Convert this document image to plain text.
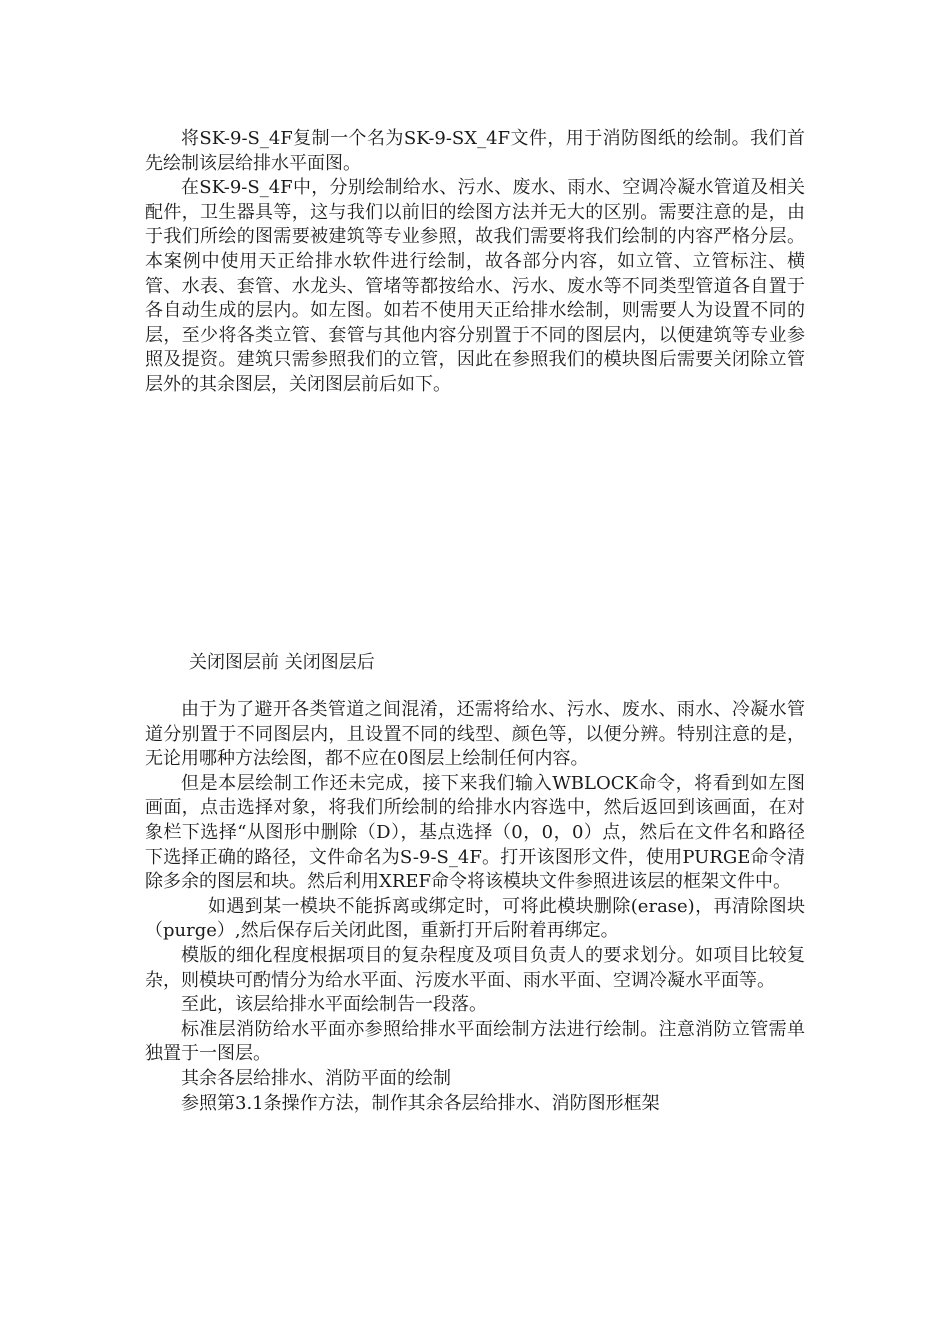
将SK-9-S_4F复制一个名为SK-9-SX_4F文件，用于消防图纸的绘制。我们首先绘制该层给排水平面图。

在SK-9-S_4F中，分别绘制给水、污水、废水、雨水、空调冷凝水管道及相关配件，卫生器具等，这与我们以前旧的绘图方法并无大的区别。需要注意的是，由于我们所绘的图需要被建筑等专业参照，故我们需要将我们绘制的内容严格分层。本案例中使用天正给排水软件进行绘制，故各部分内容，如立管、立管标注、横管、水表、套管、水龙头、管堵等都按给水、污水、废水等不同类型管道各自置于各自动生成的层内。如左图。如若不使用天正给排水绘制，则需要人为设置不同的层，至少将各类立管、套管与其他内容分别置于不同的图层内，以便建筑等专业参照及提资。建筑只需参照我们的立管，因此在参照我们的模块图后需要关闭除立管层外的其余图层，关闭图层前后如下。

关闭图层前 关闭图层后

由于为了避开各类管道之间混淆，还需将给水、污水、废水、雨水、冷凝水管道分别置于不同图层内，且设置不同的线型、颜色等，以便分辨。特别注意的是，无论用哪种方法绘图，都不应在0图层上绘制任何内容。

但是本层绘制工作还未完成，接下来我们输入WBLOCK命令，将看到如左图画面，点击选择对象，将我们所绘制的给排水内容选中，然后返回到该画面，在对象栏下选择“从图形中删除（D），基点选择（0，0，0）点，然后在文件名和路径下选择正确的路径，文件命名为S-9-S_4F。打开该图形文件，使用PURGE命令清除多余的图层和块。然后利用XREF命令将该模块文件参照进该层的框架文件中。

如遇到某一模块不能拆离或绑定时，可将此模块删除(erase)，再清除图块（purge）,然后保存后关闭此图，重新打开后附着再绑定。

模版的细化程度根据项目的复杂程度及项目负责人的要求划分。如项目比较复杂，则模块可酌情分为给水平面、污废水平面、雨水平面、空调冷凝水平面等。

至此，该层给排水平面绘制告一段落。

标准层消防给水平面亦参照给排水平面绘制方法进行绘制。注意消防立管需单独置于一图层。

其余各层给排水、消防平面的绘制

参照第3.1条操作方法，制作其余各层给排水、消防图形框架
